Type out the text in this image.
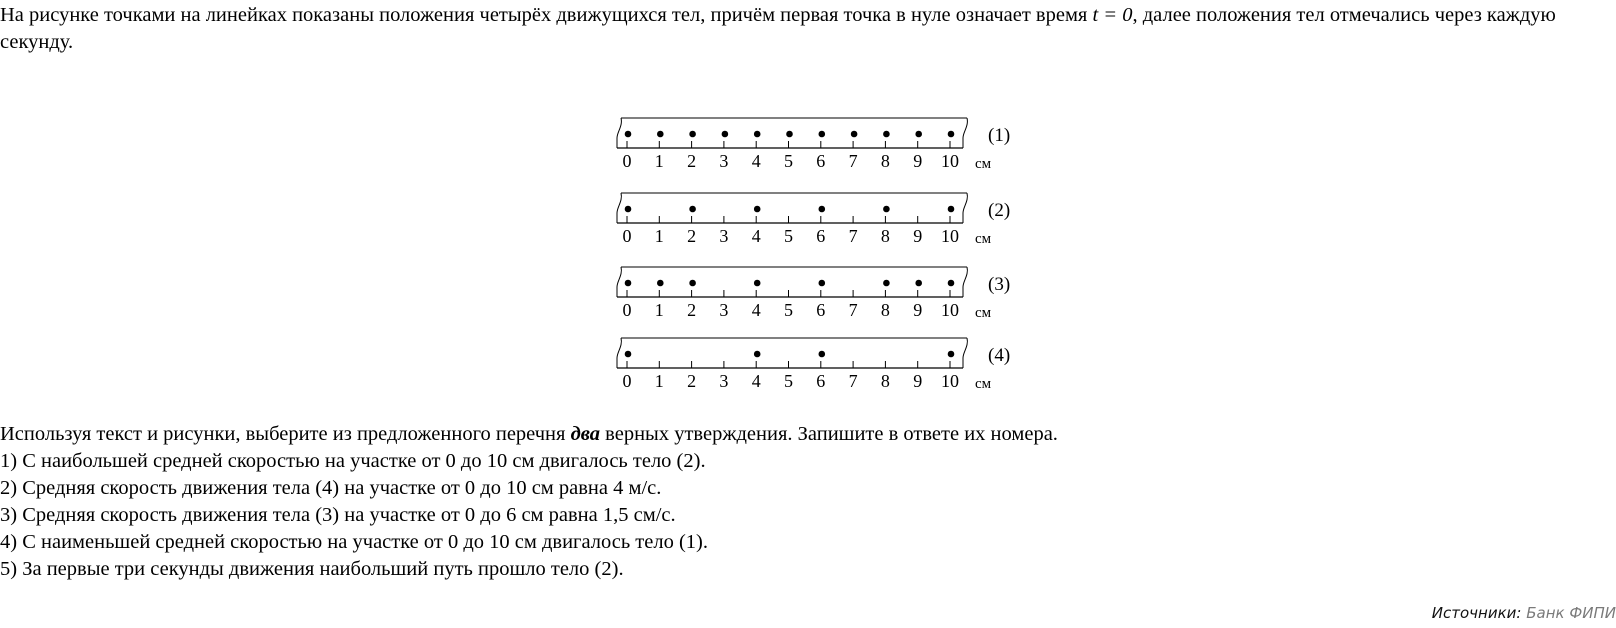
На рисунке точками на линейках показаны положения четырёх движущихся тел, причём первая точка в нуле означает время t = 0, далее положения тел отмечались через каждую секунду.
0 1 2 3 4 5 6 7 8 9 10 см
(1)
0 1 2 3 4 5 6 7 8 9 10 см
(2)
0 1 2 3 4 5 6 7 8 9 10 см
(3)
0 1 2 3 4 5 6 7 8 9 10 см
(4)

Используя текст и рисунки, выберите из предложенного перечня два верных утверждения. Запишите в ответе их номера.

1) С наибольшей средней скоростью на участке от 0 до 10 см двигалось тело (2).

2) Средняя скорость движения тела (4) на участке от 0 до 10 см равна 4 м/с.

3) Средняя скорость движения тела (3) на участке от 0 до 6 см равна 1,5 см/с.

4) С наименьшей средней скоростью на участке от 0 до 10 см двигалось тело (1).

5) За первые три секунды движения наибольший путь прошло тело (2).

Источники: Банк ФИПИ
